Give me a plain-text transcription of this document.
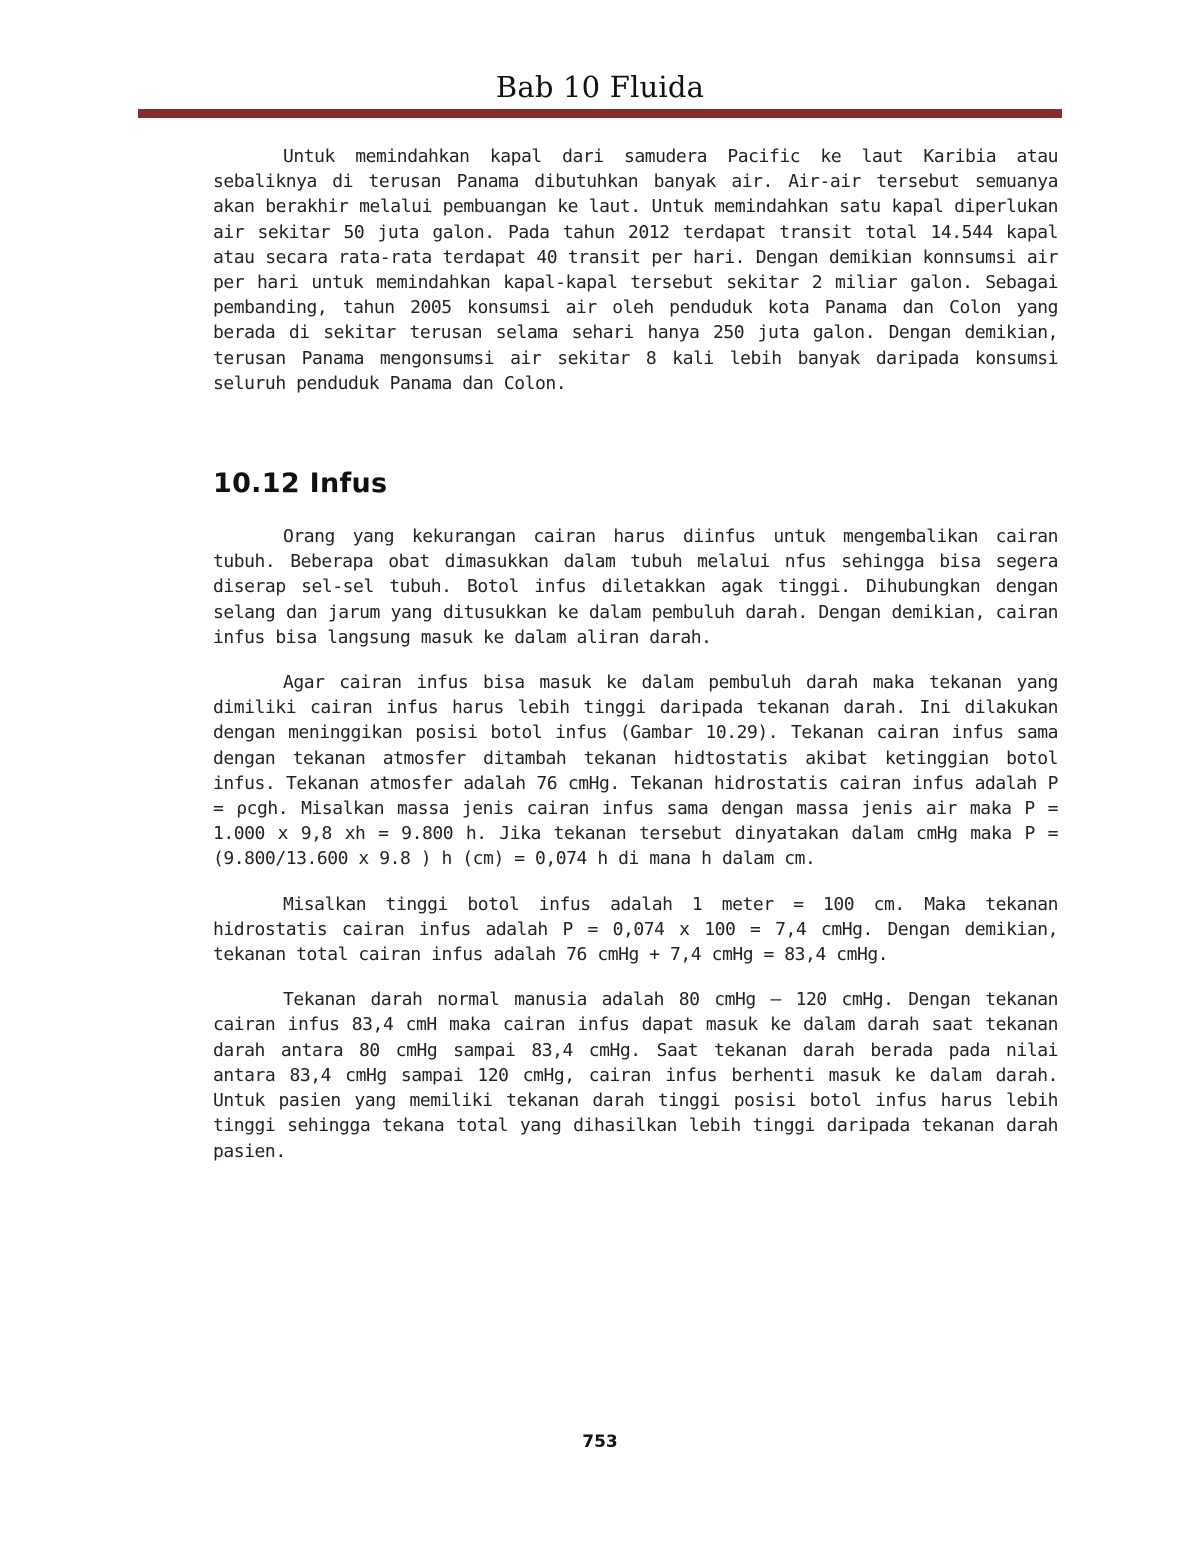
Bab 10 Fluida

Untuk memindahkan kapal dari samudera Pacific ke laut Karibia atau sebaliknya di terusan Panama dibutuhkan banyak air. Air-air tersebut semuanya akan berakhir melalui pembuangan ke laut. Untuk memindahkan satu kapal diperlukan air sekitar 50 juta galon. Pada tahun 2012 terdapat transit total 14.544 kapal atau secara rata-rata terdapat 40 transit per hari. Dengan demikian konnsumsi air per hari untuk memindahkan kapal-kapal tersebut sekitar 2 miliar galon. Sebagai pembanding, tahun 2005 konsumsi air oleh penduduk kota Panama dan Colon yang berada di sekitar terusan selama sehari hanya 250 juta galon. Dengan demikian, terusan Panama mengonsumsi air sekitar 8 kali lebih banyak daripada konsumsi seluruh penduduk Panama dan Colon.

10.12 Infus

Orang yang kekurangan cairan harus diinfus untuk mengembalikan cairan tubuh. Beberapa obat dimasukkan dalam tubuh melalui nfus sehingga bisa segera diserap sel-sel tubuh. Botol infus diletakkan agak tinggi. Dihubungkan dengan selang dan jarum yang ditusukkan ke dalam pembuluh darah. Dengan demikian, cairan infus bisa langsung masuk ke dalam aliran darah.

Agar cairan infus bisa masuk ke dalam pembuluh darah maka tekanan yang dimiliki cairan infus harus lebih tinggi daripada tekanan darah. Ini dilakukan dengan meninggikan posisi botol infus (Gambar 10.29). Tekanan cairan infus sama dengan tekanan atmosfer ditambah tekanan hidtostatis akibat ketinggian botol infus. Tekanan atmosfer adalah 76 cmHg. Tekanan hidrostatis cairan infus adalah P = ρcgh. Misalkan massa jenis cairan infus sama dengan massa jenis air maka P = 1.000 x 9,8 xh = 9.800 h. Jika tekanan tersebut dinyatakan dalam cmHg maka P = (9.800/13.600 x 9.8 ) h (cm) = 0,074 h di mana h dalam cm.

Misalkan tinggi botol infus adalah 1 meter = 100 cm. Maka tekanan hidrostatis cairan infus adalah P = 0,074 x 100 = 7,4 cmHg. Dengan demikian, tekanan total cairan infus adalah 76 cmHg + 7,4 cmHg = 83,4 cmHg.

Tekanan darah normal manusia adalah 80 cmHg – 120 cmHg. Dengan tekanan cairan infus 83,4 cmH maka cairan infus dapat masuk ke dalam darah saat tekanan darah antara 80 cmHg sampai 83,4 cmHg. Saat tekanan darah berada pada nilai antara 83,4 cmHg sampai 120 cmHg, cairan infus berhenti masuk ke dalam darah. Untuk pasien yang memiliki tekanan darah tinggi posisi botol infus harus lebih tinggi sehingga tekana total yang dihasilkan lebih tinggi daripada tekanan darah pasien.

753
